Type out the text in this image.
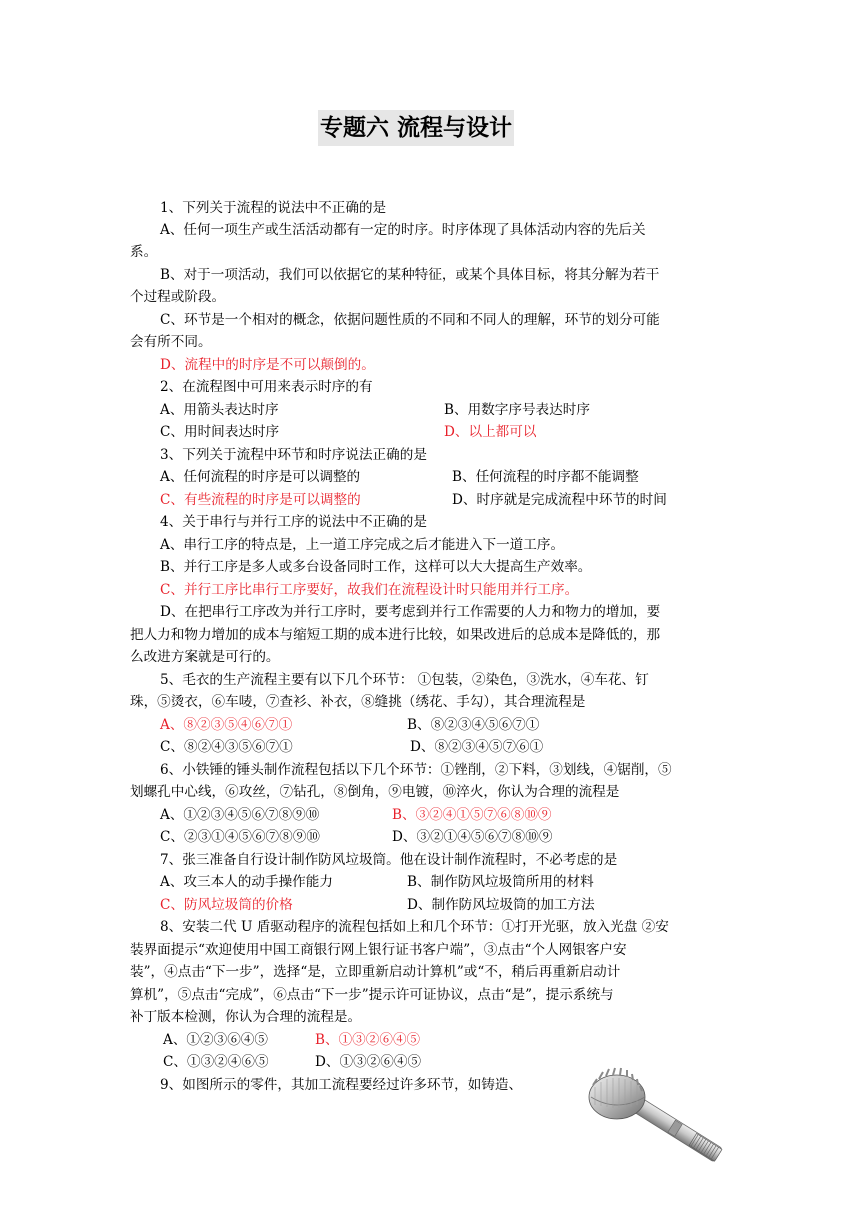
专题六 流程与设计
1、下列关于流程的说法中不正确的是
A、任何一项生产或生活活动都有一定的时序。时序体现了具体活动内容的先后关
系。
B、对于一项活动，我们可以依据它的某种特征，或某个具体目标，将其分解为若干
个过程或阶段。
C、环节是一个相对的概念，依据问题性质的不同和不同人的理解，环节的划分可能
会有所不同。
D、流程中的时序是不可以颠倒的。
2、在流程图中可用来表示时序的有
A、用箭头表达时序	B、用数字序号表达时序
C、用时间表达时序	D、以上都可以
3、下列关于流程中环节和时序说法正确的是
A、任何流程的时序是可以调整的	B、任何流程的时序都不能调整
C、有些流程的时序是可以调整的	D、时序就是完成流程中环节的时间
4、关于串行与并行工序的说法中不正确的是
A、串行工序的特点是，上一道工序完成之后才能进入下一道工序。
B、并行工序是多人或多台设备同时工作，这样可以大大提高生产效率。
C、并行工序比串行工序要好，故我们在流程设计时只能用并行工序。
D、在把串行工序改为并行工序时，要考虑到并行工作需要的人力和物力的增加，要
把人力和物力增加的成本与缩短工期的成本进行比较，如果改进后的总成本是降低的，那
么改进方案就是可行的。
5、毛衣的生产流程主要有以下几个环节： ①包装，②染色，③洗水，④车花、钉
珠，⑤烫衣，⑥车唛，⑦查衫、补衣，⑧缝挑（绣花、手勾），其合理流程是
A、⑧②③⑤④⑥⑦①	B、⑧②③④⑤⑥⑦①
C、⑧②④③⑤⑥⑦①	D、⑧②③④⑤⑦⑥①
6、小铁锤的锤头制作流程包括以下几个环节：①锉削，②下料，③划线，④锯削，⑤
划螺孔中心线，⑥攻丝，⑦钻孔，⑧倒角，⑨电镀，⑩淬火，你认为合理的流程是
A、①②③④⑤⑥⑦⑧⑨⑩	B、③②④①⑤⑦⑥⑧⑩⑨
C、②③①④⑤⑥⑦⑧⑨⑩	D、③②①④⑤⑥⑦⑧⑩⑨
7、张三准备自行设计制作防风垃圾筒。他在设计制作流程时，不必考虑的是
A、攻三本人的动手操作能力	B、制作防风垃圾筒所用的材料
C、防风垃圾筒的价格	D、制作防风垃圾筒的加工方法
8、安装二代 U 盾驱动程序的流程包括如上和几个环节：①打开光驱，放入光盘 ②安
装界面提示“欢迎使用中国工商银行网上银行证书客户端”，③点击“个人网银客户安
装”，④点击“下一步”，选择“是，立即重新启动计算机”或“不，稍后再重新启动计
算机”，⑤点击“完成”，⑥点击“下一步”提示许可证协议，点击“是”，提示系统与
补丁版本检测，你认为合理的流程是。
A、①②③⑥④⑤	B、①③②⑥④⑤
C、①③②④⑥⑤	D、①③②⑥④⑤
9、如图所示的零件，其加工流程要经过许多环节，如铸造、
